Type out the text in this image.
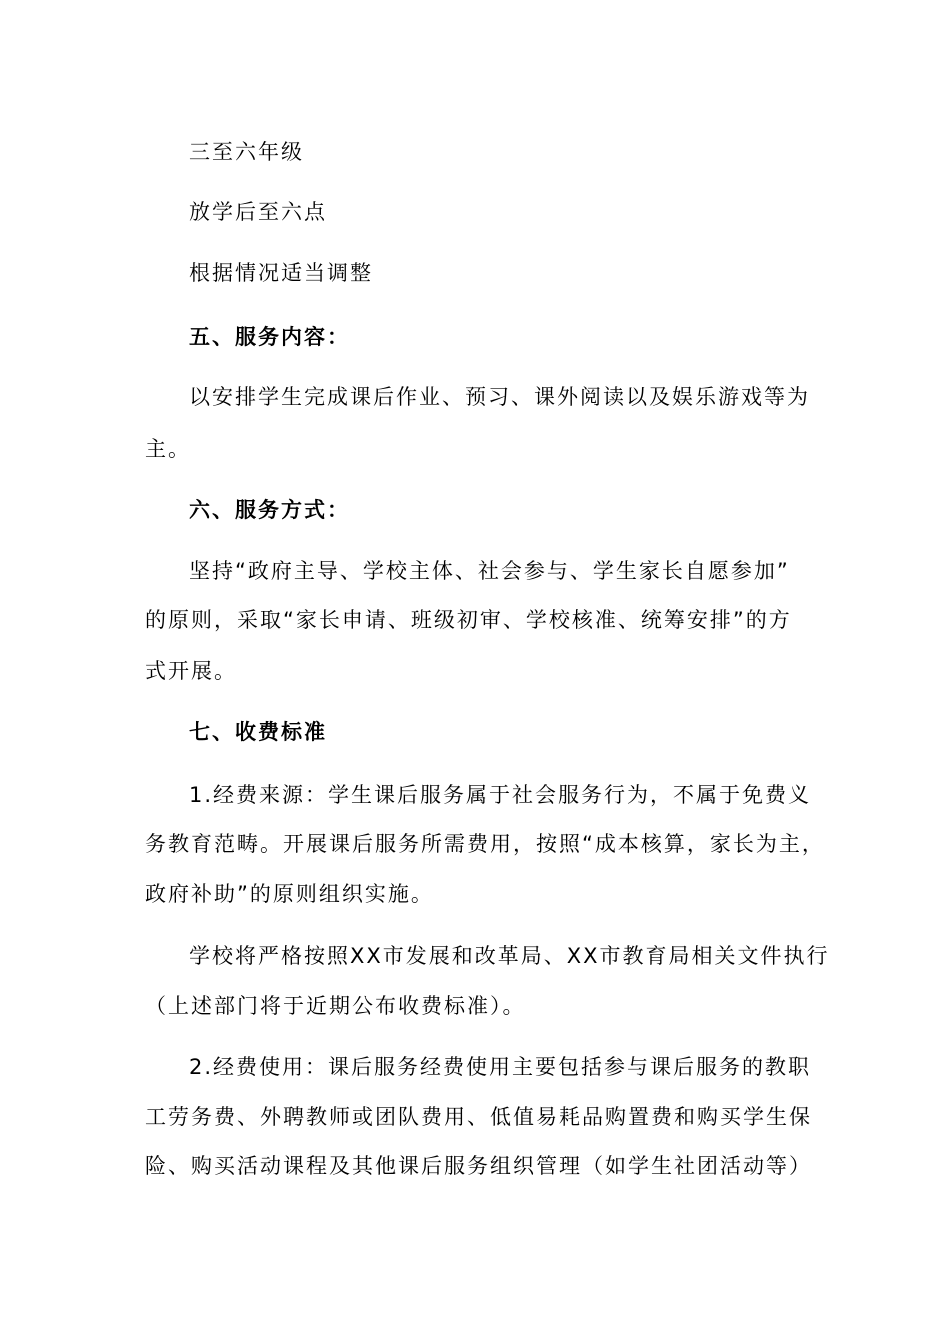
三至六年级

放学后至六点

根据情况适当调整

五、服务内容：

以安排学生完成课后作业、预习、课外阅读以及娱乐游戏等为

主。

六、服务方式：

坚持“政府主导、学校主体、社会参与、学生家长自愿参加”

的原则，采取“家长申请、班级初审、学校核准、统筹安排”的方

式开展。

七、收费标准

1.经费来源：学生课后服务属于社会服务行为，不属于免费义

务教育范畴。开展课后服务所需费用，按照“成本核算，家长为主，

政府补助”的原则组织实施。

学校将严格按照XX市发展和改革局、XX市教育局相关文件执行

（上述部门将于近期公布收费标准）。

2.经费使用：课后服务经费使用主要包括参与课后服务的教职

工劳务费、外聘教师或团队费用、低值易耗品购置费和购买学生保

险、购买活动课程及其他课后服务组织管理（如学生社团活动等）
